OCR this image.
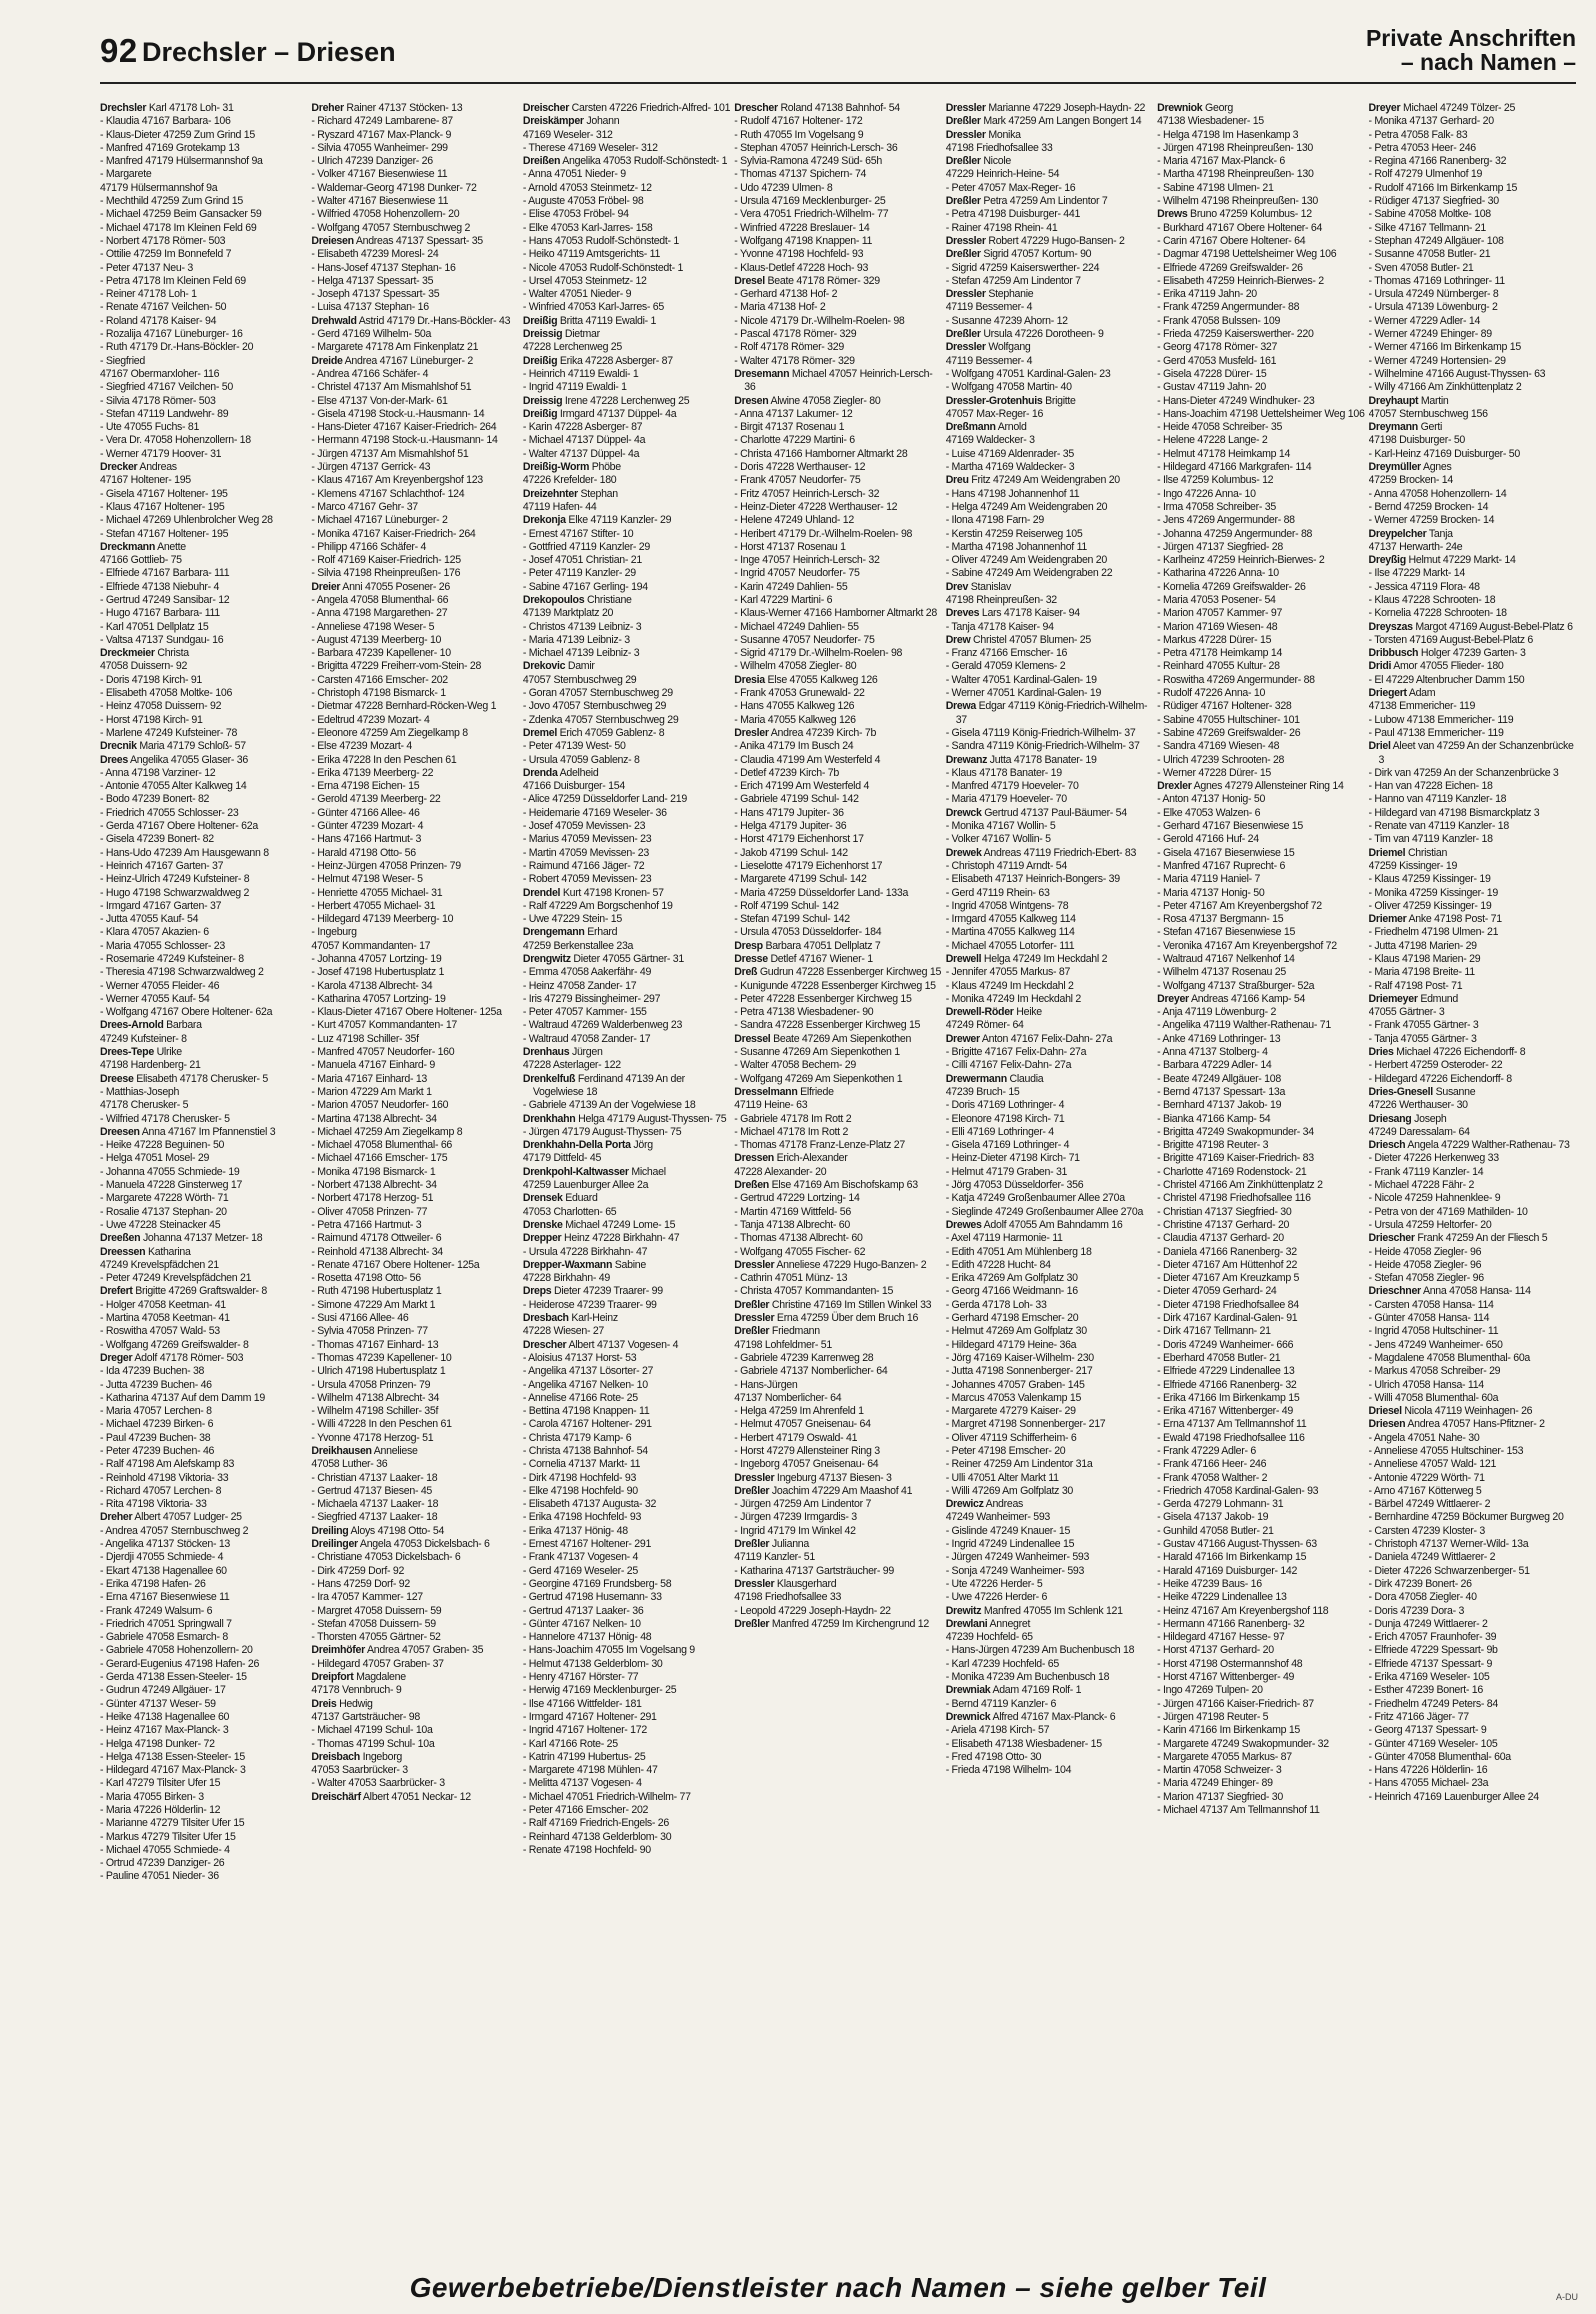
92 Drechsler – Driesen	Private Anschriften
– nach Namen –
Drechsler Karl 47178 Loh- 31
- Klaudia 47167 Barbara- 106
- Klaus-Dieter 47259 Zum Grind 15
- Manfred 47169 Grotekamp 13
- Manfred 47179 Hülsermannshof 9a
- Margarete
47179 Hülsermannshof 9a
- Mechthild 47259 Zum Grind 15
- Michael 47259 Beim Gansacker 59
- Michael 47178 Im Kleinen Feld 69
- Norbert 47178 Römer- 503
- Ottilie 47259 Im Bonnefeld 7
- Peter 47137 Neu- 3
- Petra 47178 Im Kleinen Feld 69
- Reiner 47178 Loh- 1
- Renate 47167 Veilchen- 50
- Roland 47178 Kaiser- 94
- Rozalija 47167 Lüneburger- 16
- Ruth 47179 Dr.-Hans-Böckler- 20
- Siegfried
47167 Obermarxloher- 116
- Siegfried 47167 Veilchen- 50
- Silvia 47178 Römer- 503
- Stefan 47119 Landwehr- 89
- Ute 47055 Fuchs- 81
- Vera Dr. 47058 Hohenzollern- 18
- Werner 47179 Hoover- 31
Drecker Andreas
47167 Holtener- 195
- Gisela 47167 Holtener- 195
- Klaus 47167 Holtener- 195
- Michael 47269 Uhlenbrolcher Weg 28
- Stefan 47167 Holtener- 195
Dreckmann Anette
47166 Gottlieb- 75
- Elfriede 47167 Barbara- 111
- Elfriede 47138 Niebuhr- 4
- Gertrud 47249 Sansibar- 12
- Hugo 47167 Barbara- 111
- Karl 47051 Dellplatz 15
- Valtsa 47137 Sundgau- 16
Dreckmeier Christa
47058 Duissern- 92
- Doris 47198 Kirch- 91
- Elisabeth 47058 Moltke- 106
- Heinz 47058 Duissern- 92
- Horst 47198 Kirch- 91
- Marlene 47249 Kufsteiner- 78
Drecnik Maria 47179 Schloß- 57
Drees Angelika 47055 Glaser- 36
- Anna 47198 Varziner- 12
- Antonie 47055 Alter Kalkweg 14
- Bodo 47239 Bonert- 82
- Friedrich 47055 Schlosser- 23
- Gerda 47167 Obere Holtener- 62a
- Gisela 47239 Bonert- 82
- Hans-Udo 47239 Am Hausgewann 8
- Heinrich 47167 Garten- 37
- Heinz-Ulrich 47249 Kufsteiner- 8
- Hugo 47198 Schwarzwaldweg 2
- Irmgard 47167 Garten- 37
- Jutta 47055 Kauf- 54
- Klara 47057 Akazien- 6
- Maria 47055 Schlosser- 23
- Rosemarie 47249 Kufsteiner- 8
- Theresia 47198 Schwarzwaldweg 2
- Werner 47055 Fleider- 46
- Werner 47055 Kauf- 54
- Wolfgang 47167 Obere Holtener- 62a
Drees-Arnold Barbara
47249 Kufsteiner- 8
Drees-Tepe Ulrike
47198 Hardenberg- 21
Dreese Elisabeth 47178 Cherusker- 5
- Matthias-Joseph
47178 Cherusker- 5
- Wilfried 47178 Cherusker- 5
Dreesen Anna 47167 Im Pfannenstiel 3
- Heike 47228 Beguinen- 50
- Helga 47051 Mosel- 29
- Johanna 47055 Schmiede- 19
- Manuela 47228 Ginsterweg 17
- Margarete 47228 Wörth- 71
- Rosalie 47137 Stephan- 20
- Uwe 47228 Steinacker 45
Dreeßen Johanna 47137 Metzer- 18
Dreessen Katharina
47249 Krevelspfädchen 21
- Peter 47249 Krevelspfädchen 21
Drefert Brigitte 47269 Graftswalder- 8
- Holger 47058 Keetman- 41
- Martina 47058 Keetman- 41
- Roswitha 47057 Wald- 53
- Wolfgang 47269 Greifswalder- 8
Dreger Adolf 47178 Römer- 503
- Ida 47239 Buchen- 38
- Jutta 47239 Buchen- 46
- Katharina 47137 Auf dem Damm 19
- Maria 47057 Lerchen- 8
- Michael 47239 Birken- 6
- Paul 47239 Buchen- 38
- Peter 47239 Buchen- 46
- Ralf 47198 Am Alefskamp 83
- Reinhold 47198 Viktoria- 33
- Richard 47057 Lerchen- 8
- Rita 47198 Viktoria- 33
Dreher Albert 47057 Ludger- 25
- Andrea 47057 Sternbuschweg 2
- Angelika 47137 Stöcken- 13
- Djerdji 47055 Schmiede- 4
- Ekart 47138 Hagenallee 60
- Erika 47198 Hafen- 26
- Erna 47167 Biesenwiese 11
- Frank 47249 Walsum- 6
- Friedrich 47051 Springwall 7
- Gabriele 47058 Esmarch- 8
- Gabriele 47058 Hohenzollern- 20
- Gerard-Eugenius 47198 Hafen- 26
- Gerda 47138 Essen-Steeler- 15
- Gudrun 47249 Allgäuer- 17
- Günter 47137 Weser- 59
- Heike 47138 Hagenallee 60
- Heinz 47167 Max-Planck- 3
- Helga 47198 Dunker- 72
- Helga 47138 Essen-Steeler- 15
- Hildegard 47167 Max-Planck- 3
- Karl 47279 Tilsiter Ufer 15
- Maria 47055 Birken- 3
- Maria 47226 Hölderlin- 12
- Marianne 47279 Tilsiter Ufer 15
- Markus 47279 Tilsiter Ufer 15
- Michael 47055 Schmiede- 4
- Ortrud 47239 Danziger- 26
- Pauline 47051 Nieder- 36
Dreher Rainer 47137 Stöcken- 13
- Richard 47249 Lambarene- 87
- Ryszard 47167 Max-Planck- 9
- Silvia 47055 Wanheimer- 299
- Ulrich 47239 Danziger- 26
- Volker 47167 Biesenwiese 11
- Waldemar-Georg 47198 Dunker- 72
- Walter 47167 Biesenwiese 11
- Wilfried 47058 Hohenzollern- 20
- Wolfgang 47057 Sternbuschweg 2
Dreiesen Andreas 47137 Spessart- 35
- Elisabeth 47239 Moresl- 24
- Hans-Josef 47137 Stephan- 16
- Helga 47137 Spessart- 35
- Joseph 47137 Spessart- 35
- Luisa 47137 Stephan- 16
Drehwald Astrid 47179 Dr.-Hans-Böckler- 43
- Gerd 47169 Wilhelm- 50a
- Margarete 47178 Am Finkenplatz 21
Dreide Andrea 47167 Lüneburger- 2
- Andrea 47166 Schäfer- 4
- Christel 47137 Am Mismahlshof 51
- Else 47137 Von-der-Mark- 61
- Gisela 47198 Stock-u.-Hausmann- 14
- Hans-Dieter 47167 Kaiser-Friedrich- 264
- Hermann 47198 Stock-u.-Hausmann- 14
- Jürgen 47137 Am Mismahlshof 51
- Jürgen 47137 Gerrick- 43
- Klaus 47167 Am Kreyenbergshof 123
- Klemens 47167 Schlachthof- 124
- Marco 47167 Gehr- 37
- Michael 47167 Lüneburger- 2
- Monika 47167 Kaiser-Friedrich- 264
- Philipp 47166 Schäfer- 4
- Rolf 47169 Kaiser-Friedrich- 125
- Silvia 47198 Rheinpreußen- 176
Dreier Anni 47055 Posener- 26
- Angela 47058 Blumenthal- 66
- Anna 47198 Margarethen- 27
- Anneliese 47198 Weser- 5
- August 47139 Meerberg- 10
- Barbara 47239 Kapellener- 10
- Brigitta 47229 Freiherr-vom-Stein- 28
- Carsten 47166 Emscher- 202
- Christoph 47198 Bismarck- 1
- Dietmar 47228 Bernhard-Röcken-Weg 1
- Edeltrud 47239 Mozart- 4
- Eleonore 47259 Am Ziegelkamp 8
- Else 47239 Mozart- 4
- Erika 47228 In den Peschen 61
- Erika 47139 Meerberg- 22
- Erna 47198 Eichen- 15
- Gerold 47139 Meerberg- 22
- Günter 47166 Allee- 46
- Günter 47239 Mozart- 4
- Hans 47166 Hartmut- 3
- Harald 47198 Otto- 56
- Heinz-Jürgen 47058 Prinzen- 79
- Helmut 47198 Weser- 5
- Henriette 47055 Michael- 31
- Herbert 47055 Michael- 31
- Hildegard 47139 Meerberg- 10
- Ingeburg
47057 Kommandanten- 17
- Johanna 47057 Lortzing- 19
- Josef 47198 Hubertusplatz 1
- Karola 47138 Albrecht- 34
- Katharina 47057 Lortzing- 19
- Klaus-Dieter 47167 Obere Holtener- 125a
- Kurt 47057 Kommandanten- 17
- Luz 47198 Schiller- 35f
- Manfred 47057 Neudorfer- 160
- Manuela 47167 Einhard- 9
- Maria 47167 Einhard- 13
- Marion 47229 Am Markt 1
- Marion 47057 Neudorfer- 160
- Martina 47138 Albrecht- 34
- Michael 47259 Am Ziegelkamp 8
- Michael 47058 Blumenthal- 66
- Michael 47166 Emscher- 175
- Monika 47198 Bismarck- 1
- Norbert 47138 Albrecht- 34
- Norbert 47178 Herzog- 51
- Oliver 47058 Prinzen- 77
- Petra 47166 Hartmut- 3
- Raimund 47178 Ottweiler- 6
- Reinhold 47138 Albrecht- 34
- Renate 47167 Obere Holtener- 125a
- Rosetta 47198 Otto- 56
- Ruth 47198 Hubertusplatz 1
- Simone 47229 Am Markt 1
- Susi 47166 Allee- 46
- Sylvia 47058 Prinzen- 77
- Thomas 47167 Einhard- 13
- Thomas 47239 Kapellener- 10
- Ulrich 47198 Hubertusplatz 1
- Ursula 47058 Prinzen- 79
- Wilhelm 47138 Albrecht- 34
- Wilhelm 47198 Schiller- 35f
- Willi 47228 In den Peschen 61
- Yvonne 47178 Herzog- 51
Dreikhausen Anneliese
47058 Luther- 36
- Christian 47137 Laaker- 18
- Gertrud 47137 Biesen- 45
- Michaela 47137 Laaker- 18
- Siegfried 47137 Laaker- 18
Dreiling Aloys 47198 Otto- 54
Dreilinger Angela 47053 Dickelsbach- 6
- Christiane 47053 Dickelsbach- 6
- Dirk 47259 Dorf- 92
- Hans 47259 Dorf- 92
- Ira 47057 Kammer- 127
- Margret 47058 Duissern- 59
- Stefan 47058 Duissern- 59
- Thorsten 47055 Gärtner- 52
Dreimhöfer Andrea 47057 Graben- 35
- Hildegard 47057 Graben- 37
Dreipfort Magdalene
47178 Vennbruch- 9
Dreis Hedwig
47137 Gartsträucher- 98
- Michael 47199 Schul- 10a
- Thomas 47199 Schul- 10a
Dreisbach Ingeborg
47053 Saarbrücker- 3
- Walter 47053 Saarbrücker- 3
Dreischärf Albert 47051 Neckar- 12
Dreischer Carsten 47226 Friedrich-Alfred- 101
Dreiskämper Johann
47169 Weseler- 312
- Therese 47169 Weseler- 312
Dreißen Angelika 47053 Rudolf-Schönstedt- 1
- Anna 47051 Nieder- 9
- Arnold 47053 Steinmetz- 12
- Auguste 47053 Fröbel- 98
- Elise 47053 Fröbel- 94
- Elke 47053 Karl-Jarres- 158
- Hans 47053 Rudolf-Schönstedt- 1
- Heiko 47119 Amtsgerichts- 11
- Nicole 47053 Rudolf-Schönstedt- 1
- Ursel 47053 Steinmetz- 12
- Walter 47051 Nieder- 9
- Winfried 47053 Karl-Jarres- 65
Dreißig Britta 47119 Ewaldi- 1
Dreissig Dietmar
47228 Lerchenweg 25
Dreißig Erika 47228 Asberger- 87
- Heinrich 47119 Ewaldi- 1
- Ingrid 47119 Ewaldi- 1
Dreissig Irene 47228 Lerchenweg 25
Dreißig Irmgard 47137 Düppel- 4a
- Karin 47228 Asberger- 87
- Michael 47137 Düppel- 4a
- Walter 47137 Düppel- 4a
Dreißig-Worm Phöbe
47226 Krefelder- 180
Dreizehnter Stephan
47119 Hafen- 44
Drekonja Elke 47119 Kanzler- 29
- Ernest 47167 Stifter- 10
- Gottfried 47119 Kanzler- 29
- Josef 47051 Christian- 21
- Peter 47119 Kanzler- 29
- Sabine 47167 Gerling- 194
Drekopoulos Christiane
47139 Marktplatz 20
- Christos 47139 Leibniz- 3
- Maria 47139 Leibniz- 3
- Michael 47139 Leibniz- 3
Drekovic Damir
47057 Sternbuschweg 29
- Goran 47057 Sternbuschweg 29
- Jovo 47057 Sternbuschweg 29
- Zdenka 47057 Sternbuschweg 29
Dremel Erich 47059 Gablenz- 8
- Peter 47139 West- 50
- Ursula 47059 Gablenz- 8
Drenda Adelheid
47166 Duisburger- 154
- Alice 47259 Düsseldorfer Land- 219
- Heidemarie 47169 Weseler- 36
- Josef 47059 Mevissen- 23
- Marius 47059 Mevissen- 23
- Martin 47059 Mevissen- 23
- Raimund 47166 Jäger- 72
- Robert 47059 Mevissen- 23
Drendel Kurt 47198 Kronen- 57
- Ralf 47229 Am Borgschenhof 19
- Uwe 47229 Stein- 15
Drengemann Erhard
47259 Berkenstallee 23a
Drengwitz Dieter 47055 Gärtner- 31
- Emma 47058 Aakerfähr- 49
- Heinz 47058 Zander- 17
- Iris 47279 Bissingheimer- 297
- Peter 47057 Kammer- 155
- Waltraud 47269 Walderbenweg 23
- Waltraud 47058 Zander- 17
Drenhaus Jürgen
47228 Asterlager- 122
Drenkelfuß Ferdinand 47139 An der Vogelwiese 18
- Gabriele 47139 An der Vogelwiese 18
Drenkhahn Helga 47179 August-Thyssen- 75
- Jürgen 47179 August-Thyssen- 75
Drenkhahn-Della Porta Jörg
47179 Dittfeld- 45
Drenkpohl-Kaltwasser Michael
47259 Lauenburger Allee 2a
Drensek Eduard
47053 Charlotten- 65
Drenske Michael 47249 Lome- 15
Drepper Heinz 47228 Birkhahn- 47
- Ursula 47228 Birkhahn- 47
Drepper-Waxmann Sabine
47228 Birkhahn- 49
Dreps Dieter 47239 Traarer- 99
- Heiderose 47239 Traarer- 99
Dresbach Karl-Heinz
47228 Wiesen- 27
Drescher Albert 47137 Vogesen- 4
- Aloisius 47137 Horst- 53
- Angelika 47137 Lösorter- 27
- Angelika 47167 Nelken- 10
- Annelise 47166 Rote- 25
- Bettina 47198 Knappen- 11
- Carola 47167 Holtener- 291
- Christa 47179 Kamp- 6
- Christa 47138 Bahnhof- 54
- Cornelia 47137 Markt- 11
- Dirk 47198 Hochfeld- 93
- Elke 47198 Hochfeld- 90
- Elisabeth 47137 Augusta- 32
- Erika 47198 Hochfeld- 93
- Erika 47137 Hönig- 48
- Ernest 47167 Holtener- 291
- Frank 47137 Vogesen- 4
- Gerd 47169 Weseler- 25
- Georgine 47169 Frundsberg- 58
- Gertrud 47198 Husemann- 33
- Gertrud 47137 Laaker- 36
- Günter 47167 Nelken- 10
- Hannelore 47137 Hönig- 48
- Hans-Joachim 47055 Im Vogelsang 9
- Helmut 47138 Gelderblom- 30
- Henry 47167 Hörster- 77
- Herwig 47169 Mecklenburger- 25
- Ilse 47166 Wittfelder- 181
- Irmgard 47167 Holtener- 291
- Ingrid 47167 Holtener- 172
- Karl 47166 Rote- 25
- Katrin 47199 Hubertus- 25
- Margarete 47198 Mühlen- 47
- Melitta 47137 Vogesen- 4
- Michael 47051 Friedrich-Wilhelm- 77
- Peter 47166 Emscher- 202
- Ralf 47169 Friedrich-Engels- 26
- Reinhard 47138 Gelderblom- 30
- Renate 47198 Hochfeld- 90
Drescher Roland 47138 Bahnhof- 54
- Rudolf 47167 Holtener- 172
- Ruth 47055 Im Vogelsang 9
- Stephan 47057 Heinrich-Lersch- 36
- Sylvia-Ramona 47249 Süd- 65h
- Thomas 47137 Spichern- 74
- Udo 47239 Ulmen- 8
- Ursula 47169 Mecklenburger- 25
- Vera 47051 Friedrich-Wilhelm- 77
- Winfried 47228 Breslauer- 14
- Wolfgang 47198 Knappen- 11
- Yvonne 47198 Hochfeld- 93
- Klaus-Detlef 47228 Hoch- 93
Dresel Beate 47178 Römer- 329
- Gerhard 47138 Hof- 2
- Maria 47138 Hof- 2
- Nicole 47179 Dr.-Wilhelm-Roelen- 98
- Pascal 47178 Römer- 329
- Rolf 47178 Römer- 329
- Walter 47178 Römer- 329
Dresemann Michael 47057 Heinrich-Lersch- 36
Dresen Alwine 47058 Ziegler- 80
- Anna 47137 Lakumer- 12
- Birgit 47137 Rosenau 1
- Charlotte 47229 Martini- 6
- Christa 47166 Hamborner Altmarkt 28
- Doris 47228 Werthauser- 12
- Frank 47057 Neudorfer- 75
- Fritz 47057 Heinrich-Lersch- 32
- Heinz-Dieter 47228 Werthauser- 12
- Helene 47249 Uhland- 12
- Heribert 47179 Dr.-Wilhelm-Roelen- 98
- Horst 47137 Rosenau 1
- Inge 47057 Heinrich-Lersch- 32
- Ingrid 47057 Neudorfer- 75
- Karin 47249 Dahlien- 55
- Karl 47229 Martini- 6
- Klaus-Werner 47166 Hamborner Altmarkt 28
- Michael 47249 Dahlien- 55
- Susanne 47057 Neudorfer- 75
- Sigrid 47179 Dr.-Wilhelm-Roelen- 98
- Wilhelm 47058 Ziegler- 80
Dresia Else 47055 Kalkweg 126
- Frank 47053 Grunewald- 22
- Hans 47055 Kalkweg 126
- Maria 47055 Kalkweg 126
Dresler Andrea 47239 Kirch- 7b
- Anika 47179 Im Busch 24
- Claudia 47199 Am Westerfeld 4
- Detlef 47239 Kirch- 7b
- Erich 47199 Am Westerfeld 4
- Gabriele 47199 Schul- 142
- Hans 47179 Jupiter- 36
- Helga 47179 Jupiter- 36
- Horst 47179 Eichenhorst 17
- Jakob 47199 Schul- 142
- Lieselotte 47179 Eichenhorst 17
- Margarete 47199 Schul- 142
- Maria 47259 Düsseldorfer Land- 133a
- Rolf 47199 Schul- 142
- Stefan 47199 Schul- 142
- Ursula 47053 Düsseldorfer- 184
Dresp Barbara 47051 Dellplatz 7
Dresse Detlef 47167 Wiener- 1
Dreß Gudrun 47228 Essenberger Kirchweg 15
- Kunigunde 47228 Essenberger Kirchweg 15
- Peter 47228 Essenberger Kirchweg 15
- Petra 47138 Wiesbadener- 90
- Sandra 47228 Essenberger Kirchweg 15
Dressel Beate 47269 Am Siepenkothen
- Susanne 47269 Am Siepenkothen 1
- Walter 47058 Bechem- 29
- Wolfgang 47269 Am Siepenkothen 1
Dresselmann Elfriede
47119 Heine- 63
- Gabriele 47178 Im Rott 2
- Michael 47178 Im Rott 2
- Thomas 47178 Franz-Lenze-Platz 27
Dressen Erich-Alexander
47228 Alexander- 20
Dreßen Else 47169 Am Bischofskamp 63
- Gertrud 47229 Lortzing- 14
- Martin 47169 Wittfeld- 56
- Tanja 47138 Albrecht- 60
- Thomas 47138 Albrecht- 60
- Wolfgang 47055 Fischer- 62
Dressler Anneliese 47229 Hugo-Banzen- 2
- Cathrin 47051 Münz- 13
- Christa 47057 Kommandanten- 15
Dreßler Christine 47169 Im Stillen Winkel 33
Dressler Erna 47259 Über dem Bruch 16
Dreßler Friedmann
47198 Lohfeldmer- 51
- Gabriele 47239 Karrenweg 28
- Gabriele 47137 Nomberlicher- 64
- Hans-Jürgen
47137 Nomberlicher- 64
- Helga 47259 Im Ahrenfeld 1
- Helmut 47057 Gneisenau- 64
- Herbert 47179 Oswald- 41
- Horst 47279 Allensteiner Ring 3
- Ingeborg 47057 Gneisenau- 64
Dressler Ingeburg 47137 Biesen- 3
Dreßler Joachim 47229 Am Maashof 41
- Jürgen 47259 Am Lindentor 7
- Jürgen 47239 Irmgardis- 3
- Ingrid 47179 Im Winkel 42
Dreßler Julianna
47119 Kanzler- 51
- Katharina 47137 Gartsträucher- 99
Dressler Klausgerhard
47198 Friedhofsallee 33
- Leopold 47229 Joseph-Haydn- 22
Dreßler Manfred 47259 Im Kirchengrund 12
Dressler Marianne 47229 Joseph-Haydn- 22
Dreßler Mark 47259 Am Langen Bongert 14
Dressler Monika
47198 Friedhofsallee 33
Dreßler Nicole
47229 Heinrich-Heine- 54
- Peter 47057 Max-Reger- 16
Dreßler Petra 47259 Am Lindentor 7
- Petra 47198 Duisburger- 441
- Rainer 47198 Rhein- 41
Dressler Robert 47229 Hugo-Bansen- 2
Dreßler Sigrid 47057 Kortum- 90
- Sigrid 47259 Kaiserswerther- 224
- Stefan 47259 Am Lindentor 7
Dressler Stephanie
47119 Bessemer- 4
- Susanne 47239 Ahorn- 12
Dreßler Ursula 47226 Dorotheen- 9
Dressler Wolfgang
47119 Bessemer- 4
- Wolfgang 47051 Kardinal-Galen- 23
- Wolfgang 47058 Martin- 40
Dressler-Grotenhuis Brigitte
47057 Max-Reger- 16
Dreßmann Arnold
47169 Waldecker- 3
- Luise 47169 Aldenrader- 35
- Martha 47169 Waldecker- 3
Dreu Fritz 47249 Am Weidengraben 20
- Hans 47198 Johannenhof 11
- Helga 47249 Am Weidengraben 20
- Ilona 47198 Farn- 29
- Kerstin 47259 Reiserweg 105
- Martha 47198 Johannenhof 11
- Oliver 47249 Am Weidengraben 20
- Sabine 47249 Am Weidengraben 22
Drev Stanislav
47198 Rheinpreußen- 32
Dreves Lars 47178 Kaiser- 94
- Tanja 47178 Kaiser- 94
Drew Christel 47057 Blumen- 25
- Franz 47166 Emscher- 16
- Gerald 47059 Klemens- 2
- Walter 47051 Kardinal-Galen- 19
- Werner 47051 Kardinal-Galen- 19
Drewa Edgar 47119 König-Friedrich-Wilhelm- 37
- Gisela 47119 König-Friedrich-Wilhelm- 37
- Sandra 47119 König-Friedrich-Wilhelm- 37
Drewanz Jutta 47178 Banater- 19
- Klaus 47178 Banater- 19
- Manfred 47179 Hoeveler- 70
- Maria 47179 Hoeveler- 70
Drewck Gertrud 47137 Paul-Bäumer- 54
- Monika 47167 Wollin- 5
- Volker 47167 Wollin- 5
Drewek Andreas 47119 Friedrich-Ebert- 83
- Christoph 47119 Arndt- 54
- Elisabeth 47137 Heinrich-Bongers- 39
- Gerd 47119 Rhein- 63
- Ingrid 47058 Wintgens- 78
- Irmgard 47055 Kalkweg 114
- Martina 47055 Kalkweg 114
- Michael 47055 Lotorfer- 111
Drewell Helga 47249 Im Heckdahl 2
- Jennifer 47055 Markus- 87
- Klaus 47249 Im Heckdahl 2
- Monika 47249 Im Heckdahl 2
Drewell-Röder Heike
47249 Römer- 64
Drewer Anton 47167 Felix-Dahn- 27a
- Brigitte 47167 Felix-Dahn- 27a
- Cilli 47167 Felix-Dahn- 27a
Drewermann Claudia
47239 Bruch- 15
- Doris 47169 Lothringer- 4
- Eleonore 47198 Kirch- 71
- Elli 47169 Lothringer- 4
- Gisela 47169 Lothringer- 4
- Heinz-Dieter 47198 Kirch- 71
- Helmut 47179 Graben- 31
- Jörg 47053 Düsseldorfer- 356
- Katja 47249 Großenbaumer Allee 270a
- Sieglinde 47249 Großenbaumer Allee 270a
Drewes Adolf 47055 Am Bahndamm 16
- Axel 47119 Harmonie- 11
- Edith 47051 Am Mühlenberg 18
- Edith 47228 Hucht- 84
- Erika 47269 Am Golfplatz 30
- Georg 47166 Weidmann- 16
- Gerda 47178 Loh- 33
- Gerhard 47198 Emscher- 20
- Helmut 47269 Am Golfplatz 30
- Hildegard 47179 Heine- 36a
- Jörg 47169 Kaiser-Wilhelm- 230
- Jutta 47198 Sonnenberger- 217
- Johannes 47057 Graben- 145
- Marcus 47053 Valenkamp 15
- Margarete 47279 Kaiser- 29
- Margret 47198 Sonnenberger- 217
- Oliver 47119 Schifferheim- 6
- Peter 47198 Emscher- 20
- Reiner 47259 Am Lindentor 31a
- Ulli 47051 Alter Markt 11
- Willi 47269 Am Golfplatz 30
Drewicz Andreas
47249 Wanheimer- 593
- Gislinde 47249 Knauer- 15
- Ingrid 47249 Lindenallee 15
- Jürgen 47249 Wanheimer- 593
- Sonja 47249 Wanheimer- 593
- Ute 47226 Herder- 5
- Uwe 47226 Herder- 6
Drewitz Manfred 47055 Im Schlenk 121
Drewlani Annegret
47239 Hochfeld- 65
- Hans-Jürgen 47239 Am Buchenbusch 18
- Karl 47239 Hochfeld- 65
- Monika 47239 Am Buchenbusch 18
Drewniak Adam 47169 Rolf- 1
- Bernd 47119 Kanzler- 6
Drewnick Alfred 47167 Max-Planck- 6
- Ariela 47198 Kirch- 57
- Elisabeth 47138 Wiesbadener- 15
- Fred 47198 Otto- 30
- Frieda 47198 Wilhelm- 104
Drewniok Georg
47138 Wiesbadener- 15
- Helga 47198 Im Hasenkamp 3
- Jürgen 47198 Rheinpreußen- 130
- Maria 47167 Max-Planck- 6
- Martha 47198 Rheinpreußen- 130
- Sabine 47198 Ulmen- 21
- Wilhelm 47198 Rheinpreußen- 130
Drews Bruno 47259 Kolumbus- 12
- Burkhard 47167 Obere Holtener- 64
- Carin 47167 Obere Holtener- 64
- Dagmar 47198 Uettelsheimer Weg 106
- Elfriede 47269 Greifswalder- 26
- Elisabeth 47259 Heinrich-Bierwes- 2
- Erika 47119 Jahn- 20
- Frank 47259 Angermunder- 88
- Frank 47058 Bulssen- 109
- Frieda 47259 Kaiserswerther- 220
- Georg 47178 Römer- 327
- Gerd 47053 Musfeld- 161
- Gisela 47228 Dürer- 15
- Gustav 47119 Jahn- 20
- Hans-Dieter 47249 Windhuker- 23
- Hans-Joachim 47198 Uettelsheimer Weg 106
- Heide 47058 Schreiber- 35
- Helene 47228 Lange- 2
- Helmut 47178 Heimkamp 14
- Hildegard 47166 Markgrafen- 114
- Ilse 47259 Kolumbus- 12
- Ingo 47226 Anna- 10
- Irma 47058 Schreiber- 35
- Jens 47269 Angermunder- 88
- Johanna 47259 Angermunder- 88
- Jürgen 47137 Siegfried- 28
- Karlheinz 47259 Heinrich-Bierwes- 2
- Katharina 47226 Anna- 10
- Kornelia 47269 Greifswalder- 26
- Maria 47053 Posener- 54
- Marion 47057 Kammer- 97
- Marion 47169 Wiesen- 48
- Markus 47228 Dürer- 15
- Petra 47178 Heimkamp 14
- Reinhard 47055 Kultur- 28
- Roswitha 47269 Angermunder- 88
- Rudolf 47226 Anna- 10
- Rüdiger 47167 Holtener- 328
- Sabine 47055 Hultschiner- 101
- Sabine 47269 Greifswalder- 26
- Sandra 47169 Wiesen- 48
- Ulrich 47239 Schrooten- 28
- Werner 47228 Dürer- 15
Drexler Agnes 47279 Allensteiner Ring 14
- Anton 47137 Honig- 50
- Elke 47053 Walzen- 6
- Gerhard 47167 Biesenwiese 15
- Gerold 47166 Huf- 24
- Gisela 47167 Biesenwiese 15
- Manfred 47167 Ruprecht- 6
- Maria 47119 Haniel- 7
- Maria 47137 Honig- 50
- Peter 47167 Am Kreyenbergshof 72
- Rosa 47137 Bergmann- 15
- Stefan 47167 Biesenwiese 15
- Veronika 47167 Am Kreyenbergshof 72
- Waltraud 47167 Nelkenhof 14
- Wilhelm 47137 Rosenau 25
- Wolfgang 47137 Straßburger- 52a
Dreyer Andreas 47166 Kamp- 54
- Anja 47119 Löwenburg- 2
- Angelika 47119 Walther-Rathenau- 71
- Anke 47169 Lothringer- 13
- Anna 47137 Stolberg- 4
- Barbara 47229 Adler- 14
- Beate 47249 Allgäuer- 108
- Bernd 47137 Spessart- 13a
- Bernhard 47137 Jakob- 19
- Bianka 47166 Kamp- 54
- Brigitta 47249 Swakopmunder- 34
- Brigitte 47198 Reuter- 3
- Brigitte 47169 Kaiser-Friedrich- 83
- Charlotte 47169 Rodenstock- 21
- Christel 47166 Am Zinkhüttenplatz 2
- Christel 47198 Friedhofsallee 116
- Christian 47137 Siegfried- 30
- Christine 47137 Gerhard- 20
- Claudia 47137 Gerhard- 20
- Daniela 47166 Ranenberg- 32
- Dieter 47167 Am Hüttenhof 22
- Dieter 47167 Am Kreuzkamp 5
- Dieter 47059 Gerhard- 24
- Dieter 47198 Friedhofsallee 84
- Dirk 47167 Kardinal-Galen- 91
- Dirk 47167 Tellmann- 21
- Doris 47249 Wanheimer- 666
- Eberhard 47058 Butler- 21
- Elfriede 47229 Lindenallee 13
- Elfriede 47166 Ranenberg- 32
- Erika 47166 Im Birkenkamp 15
- Erika 47167 Wittenberger- 49
- Erna 47137 Am Tellmannshof 11
- Ewald 47198 Friedhofsallee 116
- Frank 47229 Adler- 6
- Frank 47166 Heer- 246
- Frank 47058 Walther- 2
- Friedrich 47058 Kardinal-Galen- 93
- Gerda 47279 Lohmann- 31
- Gisela 47137 Jakob- 19
- Gunhild 47058 Butler- 21
- Gustav 47166 August-Thyssen- 63
- Harald 47166 Im Birkenkamp 15
- Harald 47169 Duisburger- 142
- Heike 47239 Baus- 16
- Heike 47229 Lindenallee 13
- Heinz 47167 Am Kreyenbergshof 118
- Hermann 47166 Ranenberg- 32
- Hildegard 47167 Hesse- 97
- Horst 47137 Gerhard- 20
- Horst 47198 Ostermannshof 48
- Horst 47167 Wittenberger- 49
- Ingo 47269 Tulpen- 20
- Jürgen 47166 Kaiser-Friedrich- 87
- Jürgen 47198 Reuter- 5
- Karin 47166 Im Birkenkamp 15
- Margarete 47249 Swakopmunder- 32
- Margarete 47055 Markus- 87
- Martin 47058 Schweizer- 3
- Maria 47249 Ehinger- 89
- Marion 47137 Siegfried- 30
- Michael 47137 Am Tellmannshof 11
Dreyer Michael 47249 Tölzer- 25
- Monika 47137 Gerhard- 20
- Petra 47058 Falk- 83
- Petra 47053 Heer- 246
- Regina 47166 Ranenberg- 32
- Rolf 47279 Ulmenhof 19
- Rudolf 47166 Im Birkenkamp 15
- Rüdiger 47137 Siegfried- 30
- Sabine 47058 Moltke- 108
- Silke 47167 Tellmann- 21
- Stephan 47249 Allgäuer- 108
- Susanne 47058 Butler- 21
- Sven 47058 Butler- 21
- Thomas 47169 Lothringer- 11
- Ursula 47249 Nürnberger- 8
- Ursula 47139 Löwenburg- 2
- Werner 47229 Adler- 14
- Werner 47249 Ehinger- 89
- Werner 47166 Im Birkenkamp 15
- Werner 47249 Hortensien- 29
- Wilhelmine 47166 August-Thyssen- 63
- Willy 47166 Am Zinkhüttenplatz 2
Dreyhaupt Martin
47057 Sternbuschweg 156
Dreymann Gerti
47198 Duisburger- 50
- Karl-Heinz 47169 Duisburger- 50
Dreymüller Agnes
47259 Brocken- 14
- Anna 47058 Hohenzollern- 14
- Bernd 47259 Brocken- 14
- Werner 47259 Brocken- 14
Dreypelcher Tanja
47137 Herwarth- 24e
Dreyßig Helmut 47229 Markt- 14
- Ilse 47229 Markt- 14
- Jessica 47119 Flora- 48
- Klaus 47228 Schrooten- 18
- Kornelia 47228 Schrooten- 18
Dreyszas Margot 47169 August-Bebel-Platz 6
- Torsten 47169 August-Bebel-Platz 6
Dribbusch Holger 47239 Garten- 3
Dridi Amor 47055 Flieder- 180
- El 47229 Altenbrucher Damm 150
Driegert Adam
47138 Emmericher- 119
- Lubow 47138 Emmericher- 119
- Paul 47138 Emmericher- 119
Driel Aleet van 47259 An der Schanzenbrücke 3
- Dirk van 47259 An der Schanzenbrücke 3
- Han van 47228 Eichen- 18
- Hanno van 47119 Kanzler- 18
- Hildegard van 47198 Bismarckplatz 3
- Renate van 47119 Kanzler- 18
- Tim van 47119 Kanzler- 18
Driemel Christian
47259 Kissinger- 19
- Klaus 47259 Kissinger- 19
- Monika 47259 Kissinger- 19
- Oliver 47259 Kissinger- 19
Driemer Anke 47198 Post- 71
- Friedhelm 47198 Ulmen- 21
- Jutta 47198 Marien- 29
- Klaus 47198 Marien- 29
- Maria 47198 Breite- 11
- Ralf 47198 Post- 71
Driemeyer Edmund
47055 Gärtner- 3
- Frank 47055 Gärtner- 3
- Tanja 47055 Gärtner- 3
Dries Michael 47226 Eichendorff- 8
- Herbert 47259 Osteroder- 22
- Hildegard 47226 Eichendorff- 8
Dries-Gnesell Susanne
47226 Werthauser- 30
Driesang Joseph
47249 Daressalam- 64
Driesch Angela 47229 Walther-Rathenau- 73
- Dieter 47226 Herkenweg 33
- Frank 47119 Kanzler- 14
- Michael 47228 Fähr- 2
- Nicole 47259 Hahnenklee- 9
- Petra von der 47169 Mathilden- 10
- Ursula 47259 Heltorfer- 20
Driescher Frank 47259 An der Fliesch 5
- Heide 47058 Ziegler- 96
- Heide 47058 Ziegler- 96
- Stefan 47058 Ziegler- 96
Drieschner Anna 47058 Hansa- 114
- Carsten 47058 Hansa- 114
- Günter 47058 Hansa- 114
- Ingrid 47058 Hultschiner- 11
- Jens 47249 Wanheimer- 650
- Magdalene 47058 Blumenthal- 60a
- Markus 47058 Schreiber- 29
- Ulrich 47058 Hansa- 114
- Willi 47058 Blumenthal- 60a
Driesel Nicola 47119 Weinhagen- 26
Driesen Andrea 47057 Hans-Pfitzner- 2
- Angela 47051 Nahe- 30
- Anneliese 47055 Hultschiner- 153
- Anneliese 47057 Wald- 121
- Antonie 47229 Wörth- 71
- Arno 47167 Kötterweg 5
- Bärbel 47249 Wittlaerer- 2
- Bernhardine 47259 Böckumer Burgweg 20
- Carsten 47239 Kloster- 3
- Christoph 47137 Werner-Wild- 13a
- Daniela 47249 Wittlaerer- 2
- Dieter 47226 Schwarzenberger- 51
- Dirk 47239 Bonert- 26
- Dora 47058 Ziegler- 40
- Doris 47239 Dora- 3
- Dunja 47249 Wittlaerer- 2
- Erich 47057 Fraunhofer- 39
- Elfriede 47229 Spessart- 9b
- Elfriede 47137 Spessart- 9
- Erika 47169 Weseler- 105
- Esther 47239 Bonert- 16
- Friedhelm 47249 Peters- 84
- Fritz 47166 Jäger- 77
- Georg 47137 Spessart- 9
- Günter 47169 Weseler- 105
- Günter 47058 Blumenthal- 60a
- Hans 47226 Hölderlin- 16
- Hans 47055 Michael- 23a
- Heinrich 47169 Lauenburger Allee 24
Gewerbebetriebe/Dienstleister nach Namen – siehe gelber Teil	A-DU
